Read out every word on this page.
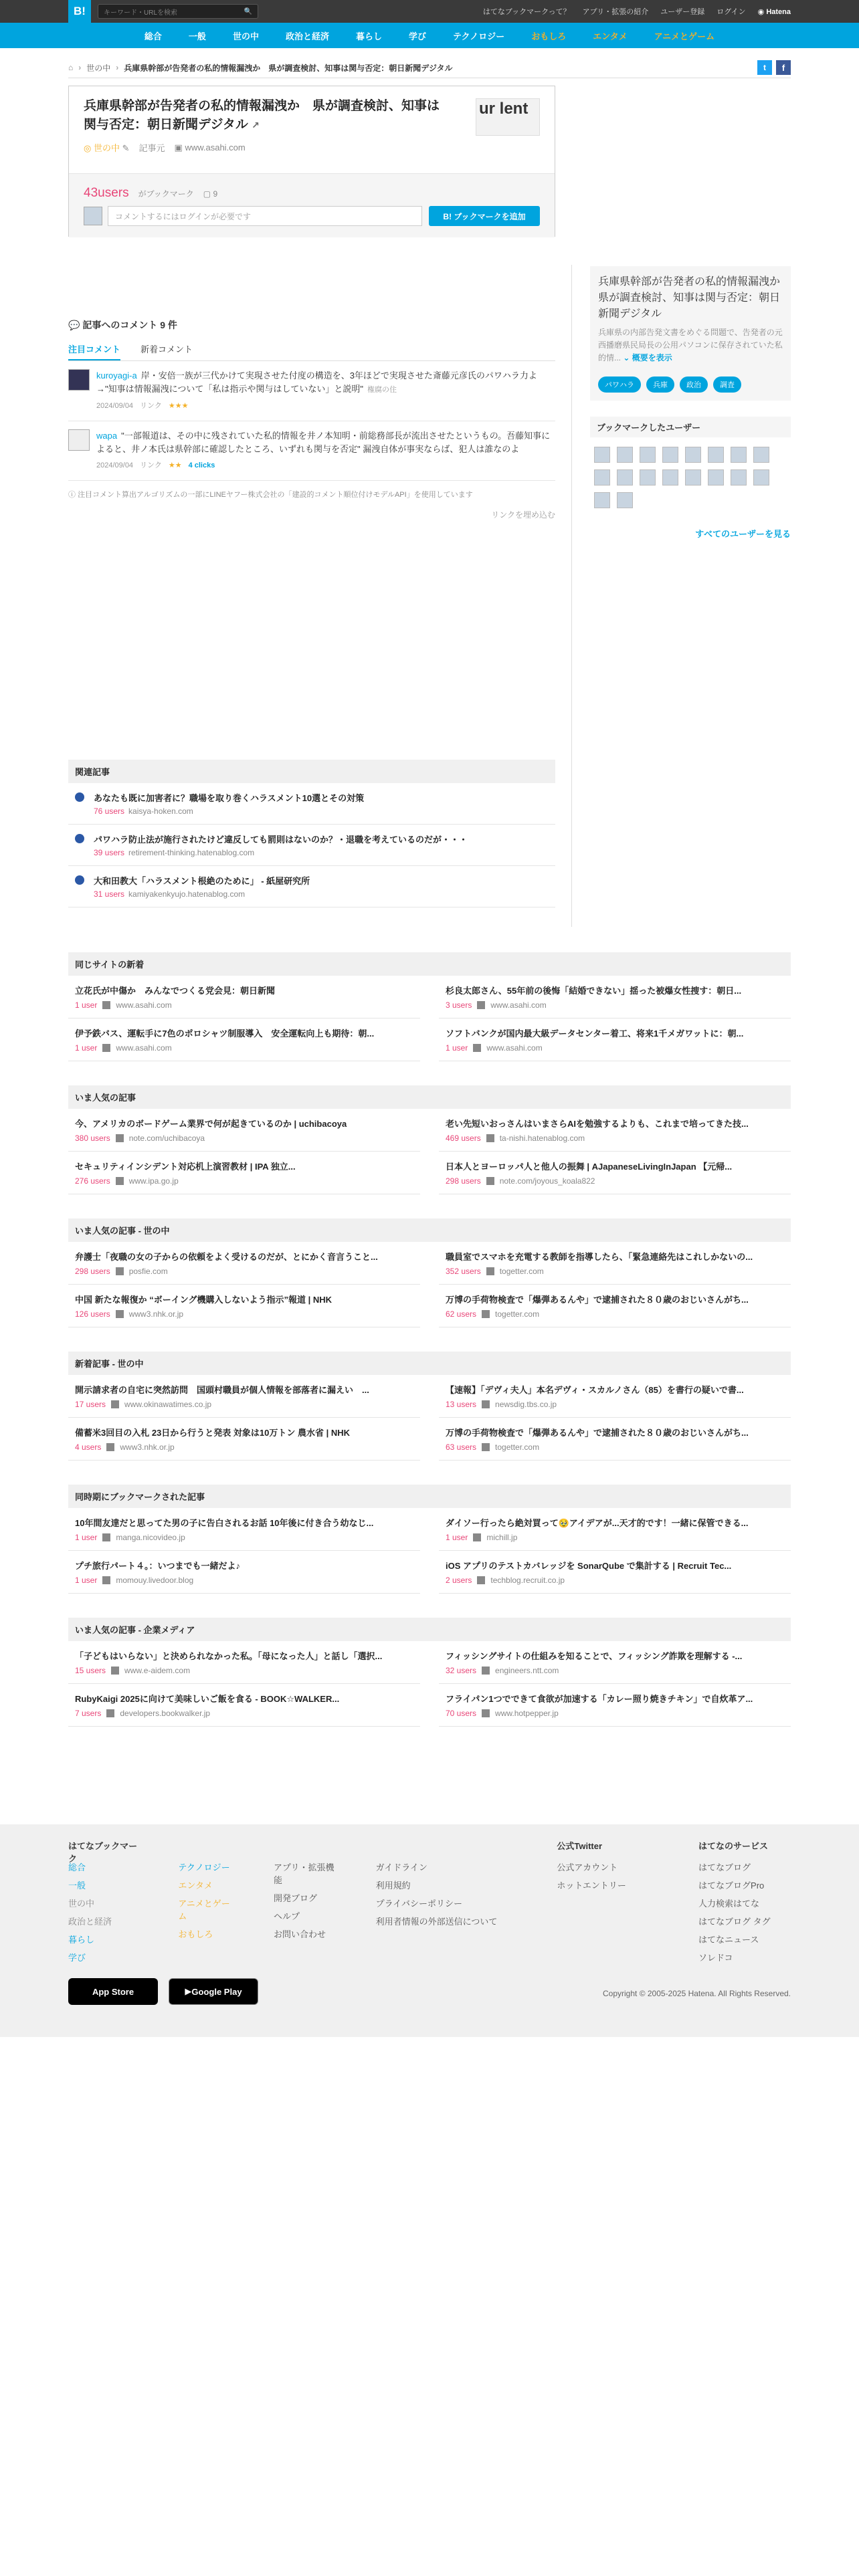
B!	キーワード・URLを検索	🔍	はてなブックマークって？ アプリ・拡張の紹介 ユーザー登録 ログイン ◉ Hatena
総合	一般	世の中	政治と経済	暮らし	学び	テクノロジー	おもしろ	エンタメ	アニメとゲーム
⌂ › 世の中 › 兵庫県幹部が告発者の私的情報漏洩か　県が調査検討、知事は関与否定：朝日新聞デジタル	t	f
兵庫県幹部が告発者の私的情報漏洩か　県が調査検討、知事は関与否定：朝日新聞デジタル ↗
ur lent
◎ 世の中 ✎ 記事元 ▣ www.asahi.com
43users がブックマーク ▢ 9
コメントするにはログインが必要です	B! ブックマークを追加
兵庫県幹部が告発者の私的情報漏洩か　県が調査検討、知事は関与否定：朝日新聞デジタル
兵庫県の内部告発文書をめぐる問題で、告発者の元西播磨県民局長の公用パソコンに保存されていた私的情... ⌄ 概要を表示
パワハラ	兵庫	政治	調査
ブックマークしたユーザー
すべてのユーザーを見る
💬 記事へのコメント 9 件
注目コメント 新着コメント
kuroyagi-a 岸・安倍一族が三代かけて実現させた付度の構造を、3年ほどで実現させた斎藤元彦氏のパワハラ力よ→"知事は情報漏洩について「私は指示や関与はしていない」と説明" 権腐の住
2024/09/04 リンク ★★★
wapa "一部報道は、その中に残されていた私的情報を井ノ本知明・前総務部長が流出させたというもの。吾藤知事によると、井ノ本氏は県幹部に確認したところ、いずれも関与を否定" 漏洩自体が事実ならば、犯人は誰なのよ
2024/09/04 リンク ★★ 4 clicks
ⓘ 注目コメント算出アルゴリズムの一部にLINEヤフー株式会社の「建設的コメント順位付けモデルAPI」を使用しています
リンクを埋め込む
関連記事
あなたも既に加害者に？職場を取り巻くハラスメント10選とその対策
76 users kaisya-hoken.com
パワハラ防止法が施行されたけど違反しても罰則はないのか？・退職を考えているのだが・・・
39 users retirement-thinking.hatenablog.com
大和田教大「ハラスメント根絶のために」 - 紙屋研究所
31 users kamiyakenkyujo.hatenablog.com
同じサイトの新着
立花氏が中傷か　みんなでつくる党会見：朝日新聞
1 user www.asahi.com
杉良太郎さん、55年前の後悔「結婚できない」揺った被爆女性捜す：朝日...
3 users www.asahi.com
伊予鉄バス、運転手に7色のポロシャツ制服導入　安全運転向上も期待：朝...
1 user www.asahi.com
ソフトバンクが国内最大級データセンター着工、将来1千メガワットに：朝...
1 user www.asahi.com
いま人気の記事
今、アメリカのボードゲーム業界で何が起きているのか | uchibacoya
380 users note.com/uchibacoya
老い先短いおっさんはいまさらAIを勉強するよりも、これまで培ってきた技...
469 users ta-nishi.hatenablog.com
セキュリティインシデント対応机上演習教材 | IPA 独立...
276 users www.ipa.go.jp
日本人とヨーロッパ人と他人の振舞 | AJapaneseLivingInJapan 【元帰...
298 users note.com/joyous_koala822
いま人気の記事 - 世の中
弁護士「夜職の女の子からの依頼をよく受けるのだが、とにかく音言うこと...
298 users posfie.com
職員室でスマホを充電する教師を指導したら、「緊急連絡先はこれしかないの...
352 users togetter.com
中国 新たな報復か “ボーイング機購入しないよう指示”報道 | NHK
126 users www3.nhk.or.jp
万博の手荷物検査で「爆弾あるんや」で逮捕された８０歳のおじいさんがち...
62 users togetter.com
新着記事 - 世の中
開示請求者の自宅に突然訪問　国頭村職員が個人情報を部落者に漏えい　...
17 users www.okinawatimes.co.jp
【速報】「デヴィ夫人」本名デヴィ・スカルノさん（85）を書行の疑いで書...
13 users newsdig.tbs.co.jp
備蓄米3回目の入札 23日から行うと発表 対象は10万トン 農水省 | NHK
4 users www3.nhk.or.jp
万博の手荷物検査で「爆弾あるんや」で逮捕された８０歳のおじいさんがち...
63 users togetter.com
同時期にブックマークされた記事
10年間友達だと思ってた男の子に告白されるお話 10年後に付き合う幼なじ...
1 user manga.nicovideo.jp
ダイソー行ったら絶対買って🥹アイデアが...天才的です！一緒に保管できる...
1 user michill.jp
プチ旅行パート４。：いつまでも一緒だよ♪
1 user momouy.livedoor.blog
iOS アプリのテストカバレッジを SonarQube で集計する | Recruit Tec...
2 users techblog.recruit.co.jp
いま人気の記事 - 企業メディア
「子どもはいらない」と決められなかった私。「母になった人」と話し「選択...
15 users www.e-aidem.com
フィッシングサイトの仕組みを知ることで、フィッシング詐欺を理解する -...
32 users engineers.ntt.com
RubyKaigi 2025に向けて美味しいご飯を食る - BOOK☆WALKER...
7 users developers.bookwalker.jp
フライパン1つでできて食欲が加速する「カレー照り焼きチキン」で自炊革ア...
70 users www.hotpepper.jp
はてなブックマーク
総合
一般
世の中
政治と経済
暮らし
学び
テクノロジー
エンタメ
アニメとゲーム
おもしろ
アプリ・拡張機能
開発ブログ
ヘルプ
お問い合わせ
ガイドライン
利用規約
プライバシーポリシー
利用者情報の外部送信について
公式Twitter
公式アカウント
ホットエントリー
はてなのサービス
はてなブログ
はてなブログPro
人力検索はてな
はてなブログ タグ
はてなニュース
ソレドコ
App Store	▶ Google Play	Copyright © 2005-2025 Hatena. All Rights Reserved.
